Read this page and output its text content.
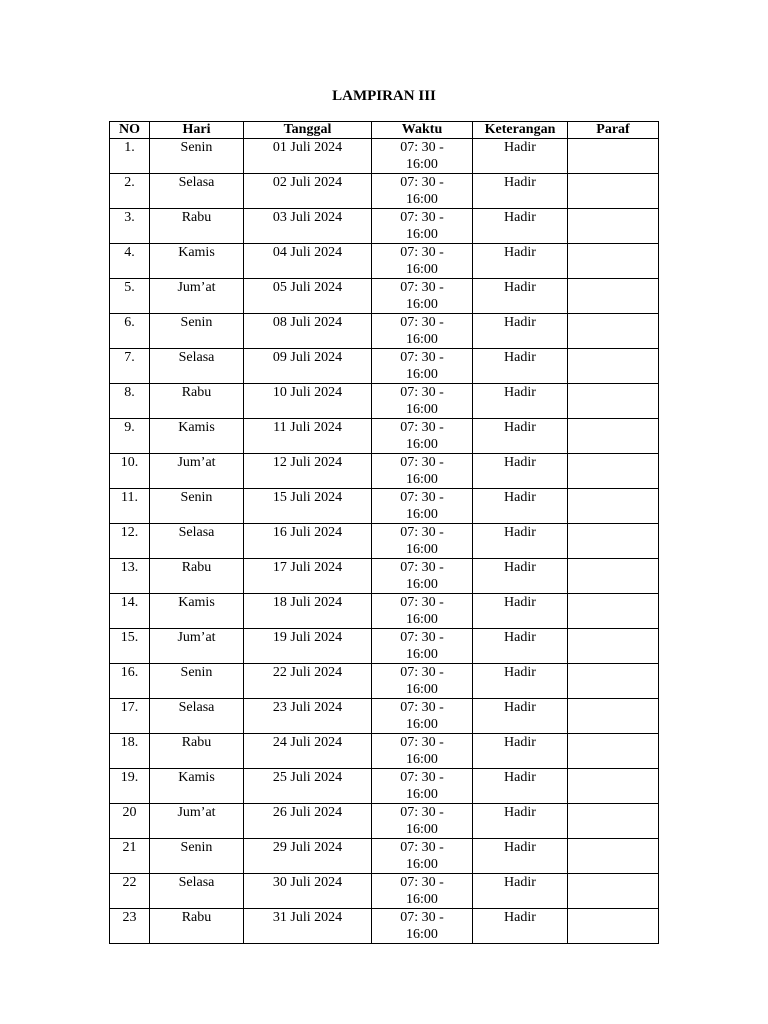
LAMPIRAN III
NO	Hari	Tanggal	Waktu	Keterangan	Paraf
1.	Senin	01 Juli 2024	07: 30 -
16:00	Hadir	
2.	Selasa	02 Juli 2024	07: 30 -
16:00	Hadir	
3.	Rabu	03 Juli 2024	07: 30 -
16:00	Hadir	
4.	Kamis	04 Juli 2024	07: 30 -
16:00	Hadir	
5.	Jum’at	05 Juli 2024	07: 30 -
16:00	Hadir	
6.	Senin	08 Juli 2024	07: 30 -
16:00	Hadir	
7.	Selasa	09 Juli 2024	07: 30 -
16:00	Hadir	
8.	Rabu	10 Juli 2024	07: 30 -
16:00	Hadir	
9.	Kamis	11 Juli 2024	07: 30 -
16:00	Hadir	
10.	Jum’at	12 Juli 2024	07: 30 -
16:00	Hadir	
11.	Senin	15 Juli 2024	07: 30 -
16:00	Hadir	
12.	Selasa	16 Juli 2024	07: 30 -
16:00	Hadir	
13.	Rabu	17 Juli 2024	07: 30 -
16:00	Hadir	
14.	Kamis	18 Juli 2024	07: 30 -
16:00	Hadir	
15.	Jum’at	19 Juli 2024	07: 30 -
16:00	Hadir	
16.	Senin	22 Juli 2024	07: 30 -
16:00	Hadir	
17.	Selasa	23 Juli 2024	07: 30 -
16:00	Hadir	
18.	Rabu	24 Juli 2024	07: 30 -
16:00	Hadir	
19.	Kamis	25 Juli 2024	07: 30 -
16:00	Hadir	
20	Jum’at	26 Juli 2024	07: 30 -
16:00	Hadir	
21	Senin	29 Juli 2024	07: 30 -
16:00	Hadir	
22	Selasa	30 Juli 2024	07: 30 -
16:00	Hadir	
23	Rabu	31 Juli 2024	07: 30 -
16:00	Hadir	
